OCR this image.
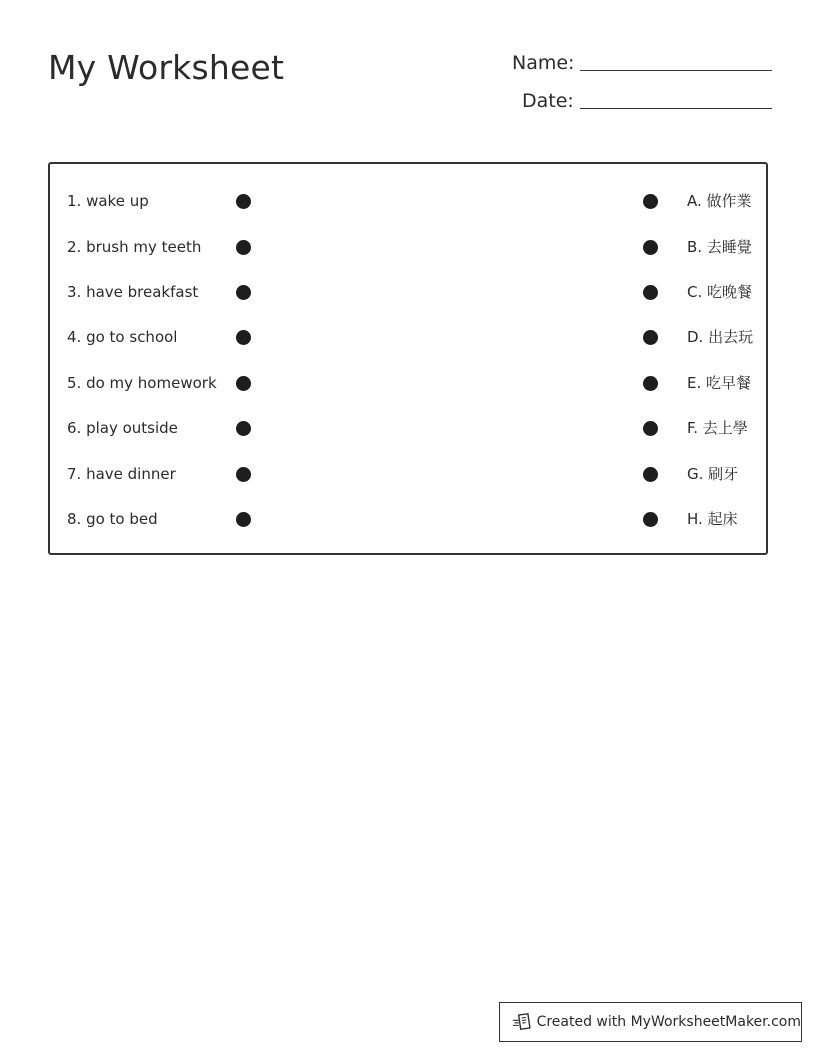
My Worksheet	Name:
Date:
1. wake up	A. 做作業
2. brush my teeth	B. 去睡覺
3. have breakfast	C. 吃晚餐
4. go to school	D. 出去玩
5. do my homework	E. 吃早餐
6. play outside	F. 去上學
7. have dinner	G. 刷牙
8. go to bed	H. 起床
Created with MyWorksheetMaker.com
